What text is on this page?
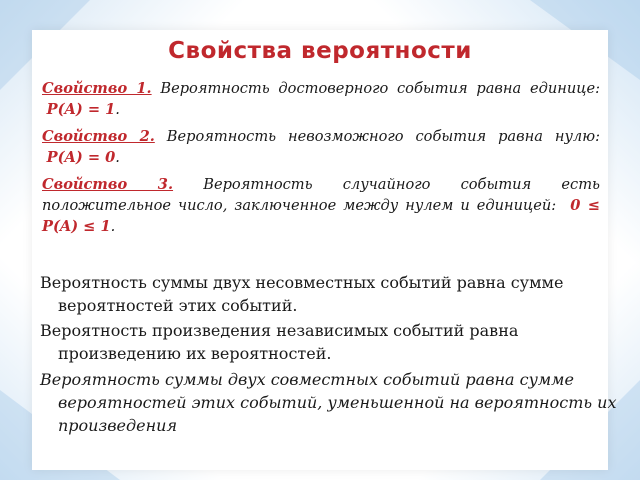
Свойства вероятности

Свойство 1. Вероятность достоверного события равна единице:  P(A) = 1.

Свойство 2. Вероятность невозможного события равна нулю:  P(A) = 0.

Свойство 3. Вероятность случайного события есть положительное число, заключенное между нулем и единицей: 0 ≤ P(A) ≤ 1.

Вероятность суммы двух несовместных событий равна сумме вероятностей этих событий.

Вероятность произведения независимых событий равна произведению их вероятностей.

Вероятность суммы двух совместных событий равна сумме вероятностей этих событий, уменьшенной на вероятность их произведения
